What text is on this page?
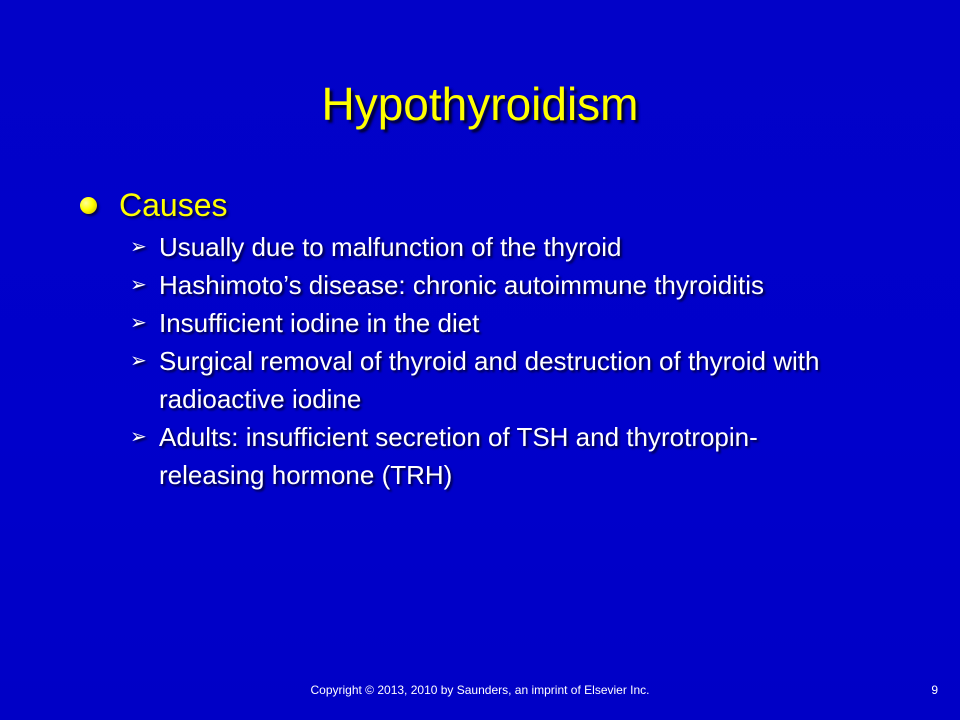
Hypothyroidism
Causes
➢ Usually due to malfunction of the thyroid
➢ Hashimoto’s disease: chronic autoimmune thyroiditis
➢ Insufficient iodine in the diet
➢ Surgical removal of thyroid and destruction of thyroid with radioactive iodine
➢ Adults: insufficient secretion of TSH and thyrotropin-releasing hormone (TRH)
Copyright © 2013, 2010 by Saunders, an imprint of Elsevier Inc.	9
